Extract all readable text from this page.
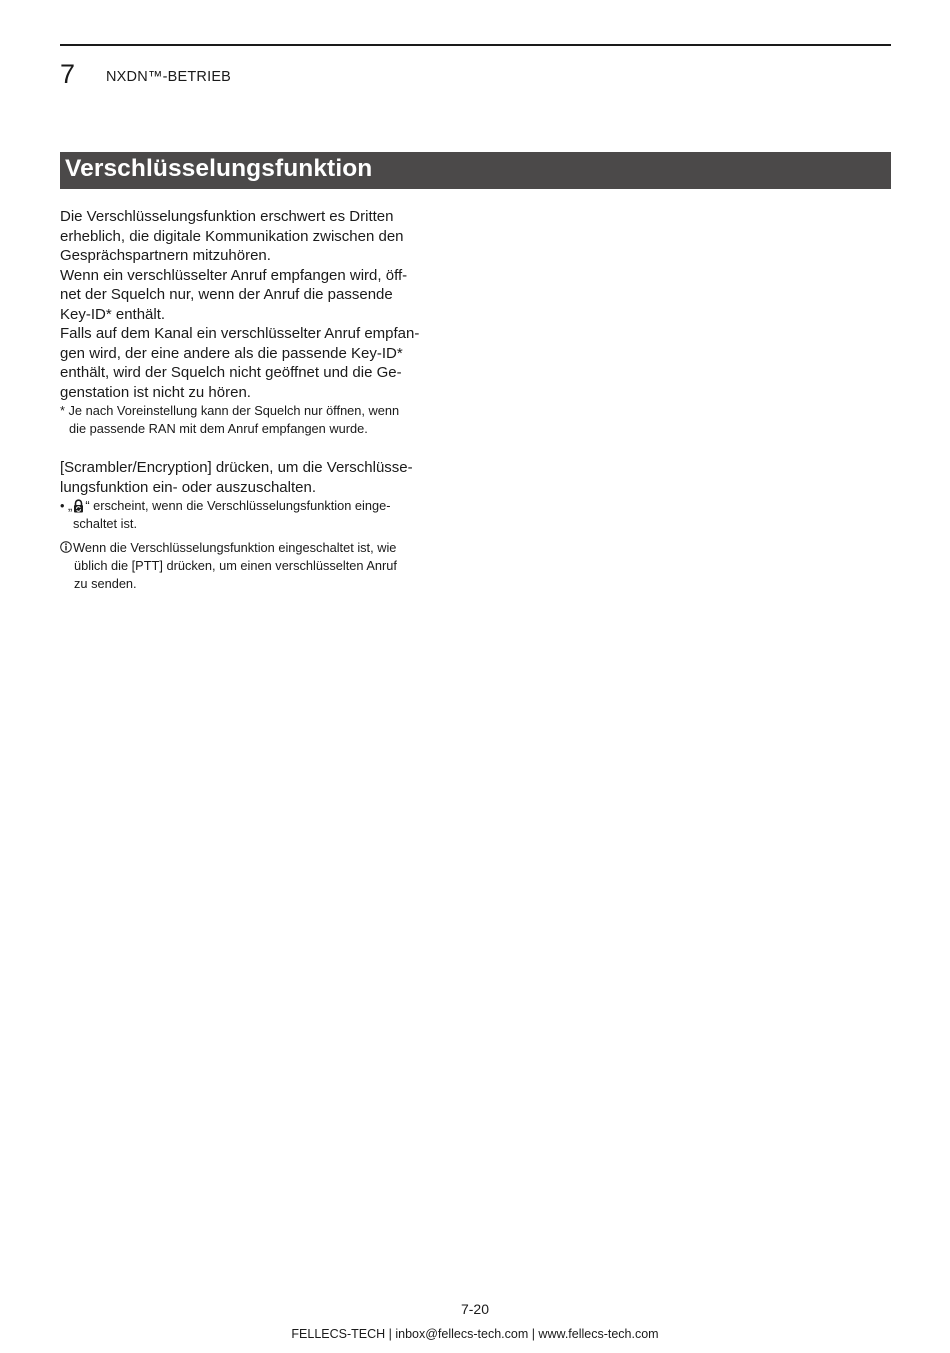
7 NXDN™-BETRIEB
Verschlüsselungsfunktion
Die Verschlüsselungsfunktion erschwert es Dritten
erheblich, die digitale Kommunikation zwischen den
Gesprächspartnern mitzuhören.
Wenn ein verschlüsselter Anruf empfangen wird, öff-
net der Squelch nur, wenn der Anruf die passende
Key-ID* enthält.
Falls auf dem Kanal ein verschlüsselter Anruf empfan-
gen wird, der eine andere als die passende Key-ID*
enthält, wird der Squelch nicht geöffnet und die Ge-
genstation ist nicht zu hören.
* Je nach Voreinstellung kann der Squelch nur öffnen, wenn
die passende RAN mit dem Anruf empfangen wurde.
[Scrambler/Encryption] drücken, um die Verschlüsse-
lungsfunktion ein- oder auszuschalten.
• „ “ erscheint, wenn die Verschlüsselungsfunktion einge-
schaltet ist.
Wenn die Verschlüsselungsfunktion eingeschaltet ist, wie
üblich die [PTT] drücken, um einen verschlüsselten Anruf
zu senden.
7-20
FELLECS-TECH | inbox@fellecs-tech.com | www.fellecs-tech.com
